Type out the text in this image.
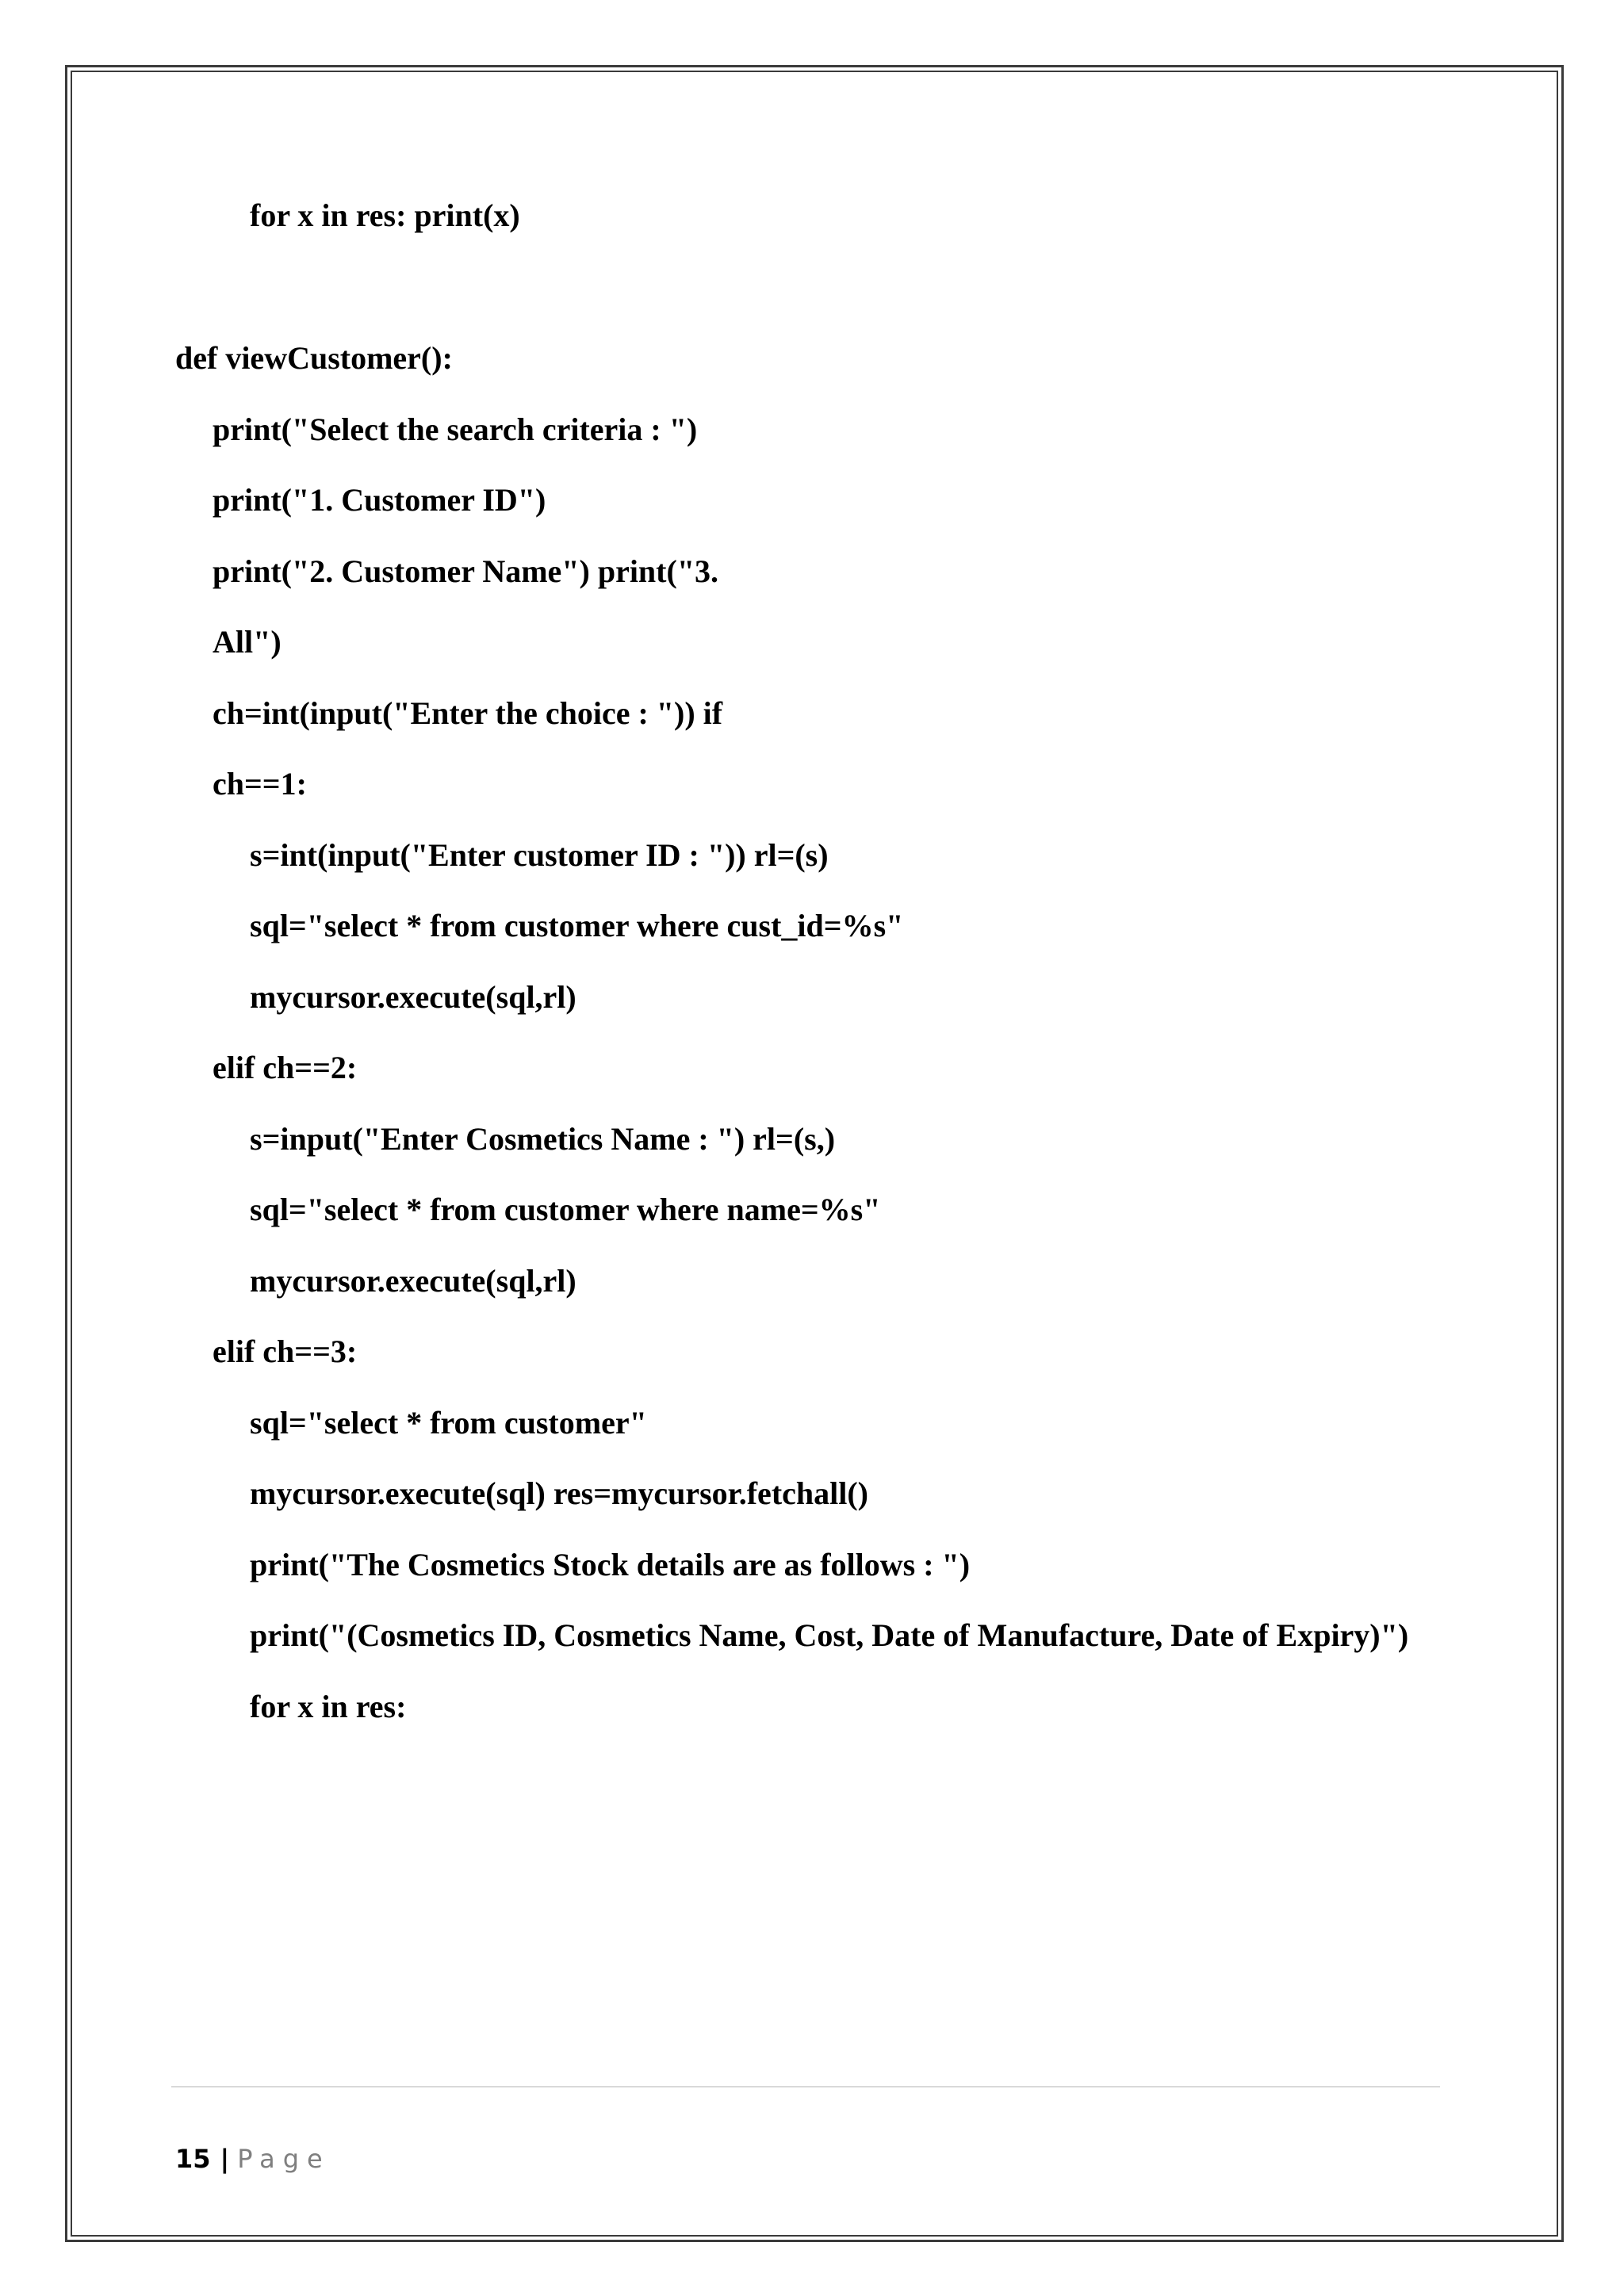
for x in res: print(x)

def viewCustomer():

print("Select the search criteria : ")

print("1. Customer ID")

print("2. Customer Name") print("3.

All")

ch=int(input("Enter the choice : ")) if

ch==1:

s=int(input("Enter customer ID : ")) rl=(s)

sql="select * from customer where cust_id=%s"

mycursor.execute(sql,rl)

elif ch==2:

s=input("Enter Cosmetics Name : ") rl=(s,)

sql="select * from customer where name=%s"

mycursor.execute(sql,rl)

elif ch==3:

sql="select * from customer"

mycursor.execute(sql) res=mycursor.fetchall()

print("The Cosmetics Stock details are as follows : ")

print("(Cosmetics ID, Cosmetics Name, Cost, Date of Manufacture, Date of Expiry)")

for x in res:

15 | Page
